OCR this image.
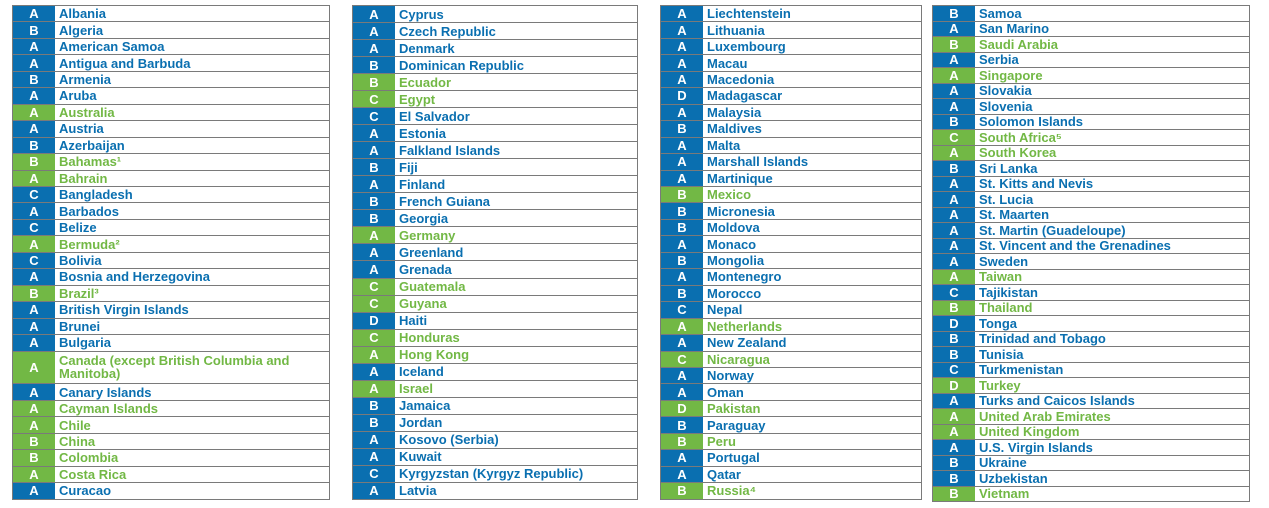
A	Albania
B	Algeria
A	American Samoa
A	Antigua and Barbuda
B	Armenia
A	Aruba
A	Australia
A	Austria
B	Azerbaijan
B	Bahamas¹
A	Bahrain
C	Bangladesh
A	Barbados
C	Belize
A	Bermuda²
C	Bolivia
A	Bosnia and Herzegovina
B	Brazil³
A	British Virgin Islands
A	Brunei
A	Bulgaria
A	Canada (except British Columbia and Manitoba)
A	Canary Islands
A	Cayman Islands
A	Chile
B	China
B	Colombia
A	Costa Rica
A	Curacao
A	Cyprus
A	Czech Republic
A	Denmark
B	Dominican Republic
B	Ecuador
C	Egypt
C	El Salvador
A	Estonia
A	Falkland Islands
B	Fiji
A	Finland
B	French Guiana
B	Georgia
A	Germany
A	Greenland
A	Grenada
C	Guatemala
C	Guyana
D	Haiti
C	Honduras
A	Hong Kong
A	Iceland
A	Israel
B	Jamaica
B	Jordan
A	Kosovo (Serbia)
A	Kuwait
C	Kyrgyzstan (Kyrgyz Republic)
A	Latvia
A	Liechtenstein
A	Lithuania
A	Luxembourg
A	Macau
A	Macedonia
D	Madagascar
A	Malaysia
B	Maldives
A	Malta
A	Marshall Islands
A	Martinique
B	Mexico
B	Micronesia
B	Moldova
A	Monaco
B	Mongolia
A	Montenegro
B	Morocco
C	Nepal
A	Netherlands
A	New Zealand
C	Nicaragua
A	Norway
A	Oman
D	Pakistan
B	Paraguay
B	Peru
A	Portugal
A	Qatar
B	Russia⁴
B	Samoa
A	San Marino
B	Saudi Arabia
A	Serbia
A	Singapore
A	Slovakia
A	Slovenia
B	Solomon Islands
C	South Africa⁵
A	South Korea
B	Sri Lanka
A	St. Kitts and Nevis
A	St. Lucia
A	St. Maarten
A	St. Martin (Guadeloupe)
A	St. Vincent and the Grenadines
A	Sweden
A	Taiwan
C	Tajikistan
B	Thailand
D	Tonga
B	Trinidad and Tobago
B	Tunisia
C	Turkmenistan
D	Turkey
A	Turks and Caicos Islands
A	United Arab Emirates
A	United Kingdom
A	U.S. Virgin Islands
B	Ukraine
B	Uzbekistan
B	Vietnam
